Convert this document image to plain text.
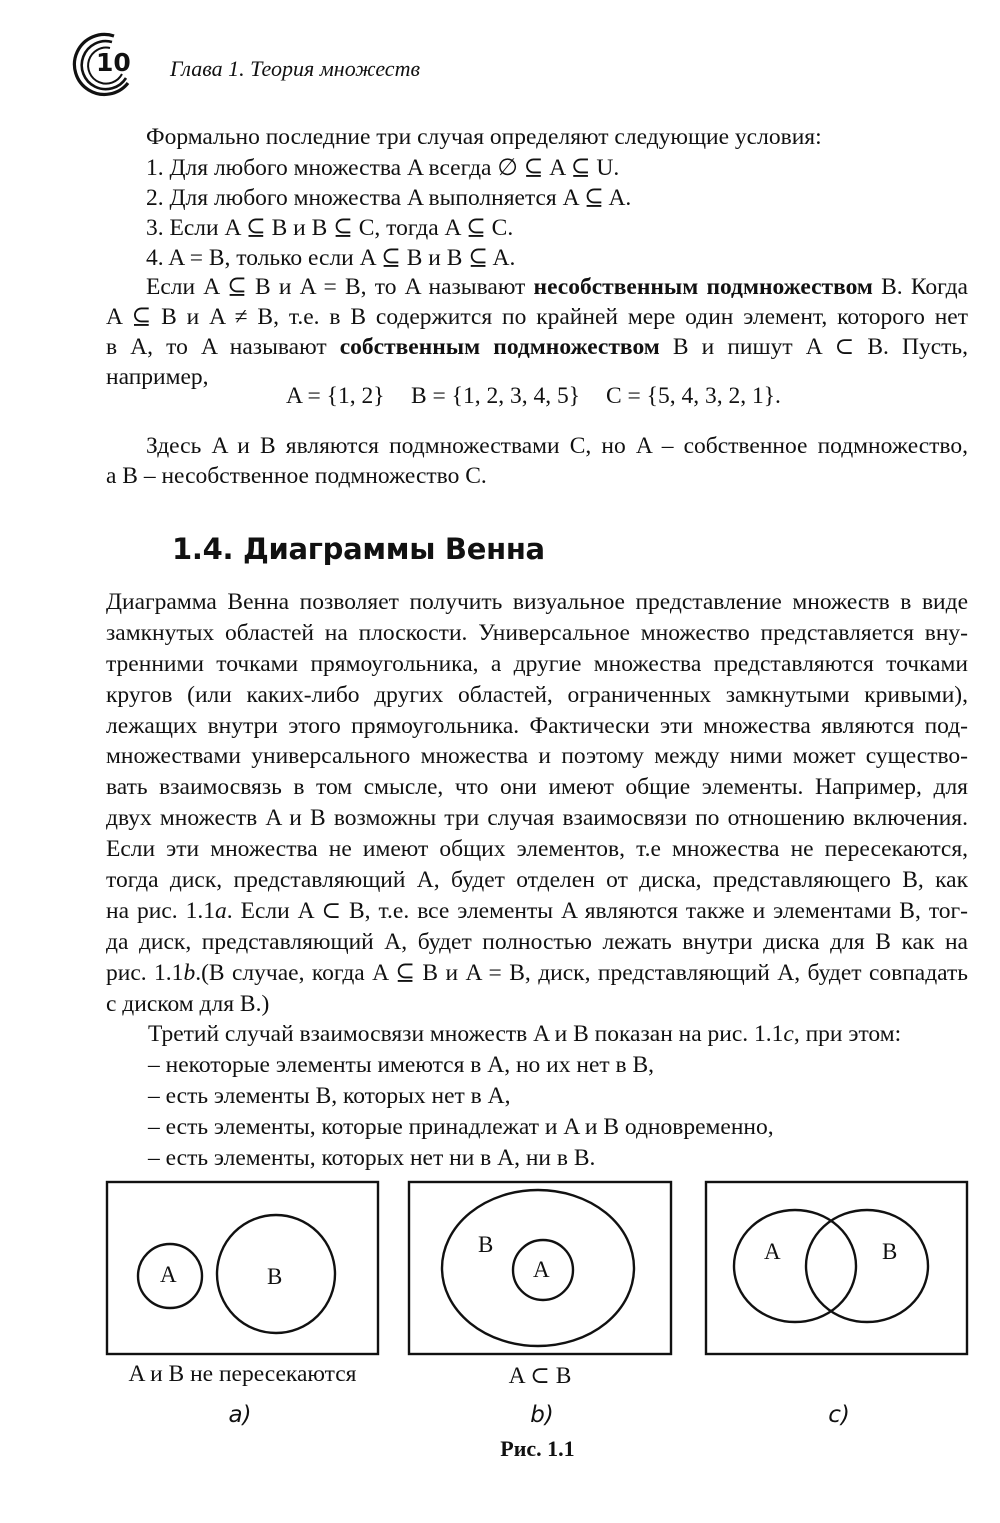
10 Глава 1. Теория множеств
Формально последние три случая определяют следующие условия:
1. Для любого множества A всегда ∅ ⊆ A ⊆ U.
2. Для любого множества A выполняется A ⊆ A.
3. Если A ⊆ B и B ⊆ C, тогда A ⊆ C.
4. A = B, только если A ⊆ B и B ⊆ A.
Если A ⊆ B и A = B, то A называют несобственным подмножеством B. Когда
A ⊆ B и A ≠ B, т.е. в B содержится по крайней мере один элемент, которого нет
в A, то A называют собственным подмножеством B и пишут A ⊂ B. Пусть, например,
A = {1, 2} B = {1, 2, 3, 4, 5} C = {5, 4, 3, 2, 1}.
Здесь A и B являются подмножествами C, но A – собственное подмножество,
а B – несобственное подмножество C.
1.4. Диаграммы Венна
Диаграмма Венна позволяет получить визуальное представление множеств в виде
замкнутых областей на плоскости. Универсальное множество представляется вну-
тренними точками прямоугольника, а другие множества представляются точками
кругов (или каких-либо других областей, ограниченных замкнутыми кривыми),
лежащих внутри этого прямоугольника. Фактически эти множества являются под-
множествами универсального множества и поэтому между ними может существо-
вать взаимосвязь в том смысле, что они имеют общие элементы. Например, для
двух множеств A и B возможны три случая взаимосвязи по отношению включения.
Если эти множества не имеют общих элементов, т.е множества не пересекаются,
тогда диск, представляющий A, будет отделен от диска, представляющего B, как
на рис. 1.1a. Если A ⊂ B, т.е. все элементы A являются также и элементами B, тог-
да диск, представляющий A, будет полностью лежать внутри диска для B как на
рис. 1.1b.(В случае, когда A ⊆ B и A = B, диск, представляющий A, будет совпадать
с диском для B.)
Третий случай взаимосвязи множеств A и B показан на рис. 1.1c, при этом:
– некоторые элементы имеются в A, но их нет в B,
– есть элементы B, которых нет в A,
– есть элементы, которые принадлежат и A и B одновременно,
– есть элементы, которых нет ни в A, ни в B.
A	B
B
A
A	B
A и B не пересекаются	A ⊂ B
a)	b)	c)
Рис. 1.1
